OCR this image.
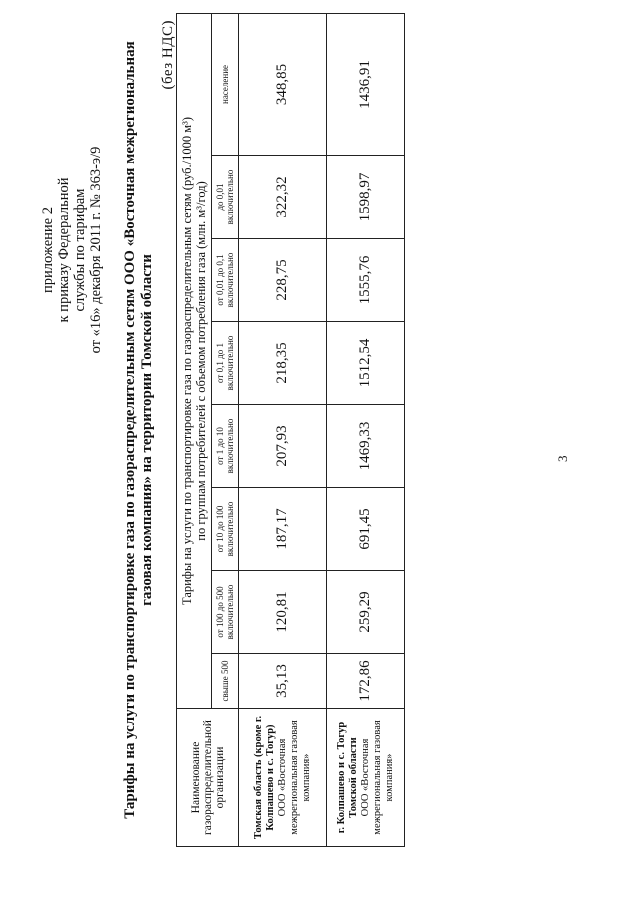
приложение 2 к приказу Федеральной службы по тарифам от «16» декабря 2011 г. № 363-э/9 Тарифы на услуги по транспортировке газа по газораспределительным сетям ООО «Восточная межрегиональная газовая компания» на территории Томской области
(без НДС)
Наименование газораспределительной организации	Тарифы на услуги по транспортировке газа по газораспределительным сетям (руб./1000 м³) по группам потребителей с объемом потребления газа (млн. м³/год)							

	свыше 500	от 100 до 500 включительно	от 10 до 100 включительно	от 1 до 10 включительно	от 0,1 до 1 включительно	от 0,01 до 0,1 включительно	до 0,01 включительно	население
Томская область (кроме г. Колпашево и с. Тогур)
ООО «Восточная межрегиональная газовая компания»	35,13	120,81	187,17	207,93	218,35	228,75	322,32	348,85
г. Колпашево и с. Тогур Томской области
ООО «Восточная межрегиональная газовая компания»	172,86	259,29	691,45	1469,33	1512,54	1555,76	1598,97	1436,91
3
